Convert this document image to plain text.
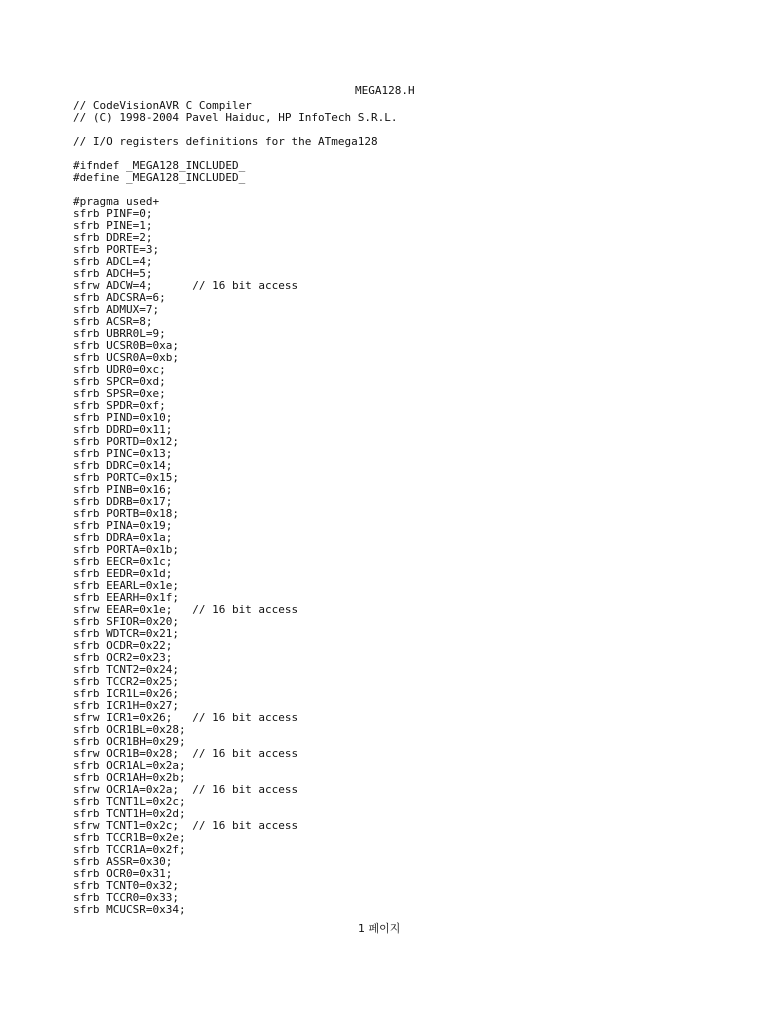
MEGA128.H
// CodeVisionAVR C Compiler
// (C) 1998-2004 Pavel Haiduc, HP InfoTech S.R.L.
// I/O registers definitions for the ATmega128
#ifndef _MEGA128_INCLUDED_
#define _MEGA128_INCLUDED_
#pragma used+
sfrb PINF=0;
sfrb PINE=1;
sfrb DDRE=2;
sfrb PORTE=3;
sfrb ADCL=4;
sfrb ADCH=5;
sfrw ADCW=4;      // 16 bit access
sfrb ADCSRA=6;
sfrb ADMUX=7;
sfrb ACSR=8;
sfrb UBRR0L=9;
sfrb UCSR0B=0xa;
sfrb UCSR0A=0xb;
sfrb UDR0=0xc;
sfrb SPCR=0xd;
sfrb SPSR=0xe;
sfrb SPDR=0xf;
sfrb PIND=0x10;
sfrb DDRD=0x11;
sfrb PORTD=0x12;
sfrb PINC=0x13;
sfrb DDRC=0x14;
sfrb PORTC=0x15;
sfrb PINB=0x16;
sfrb DDRB=0x17;
sfrb PORTB=0x18;
sfrb PINA=0x19;
sfrb DDRA=0x1a;
sfrb PORTA=0x1b;
sfrb EECR=0x1c;
sfrb EEDR=0x1d;
sfrb EEARL=0x1e;
sfrb EEARH=0x1f;
sfrw EEAR=0x1e;   // 16 bit access
sfrb SFIOR=0x20;
sfrb WDTCR=0x21;
sfrb OCDR=0x22;
sfrb OCR2=0x23;
sfrb TCNT2=0x24;
sfrb TCCR2=0x25;
sfrb ICR1L=0x26;
sfrb ICR1H=0x27;
sfrw ICR1=0x26;   // 16 bit access
sfrb OCR1BL=0x28;
sfrb OCR1BH=0x29;
sfrw OCR1B=0x28;  // 16 bit access
sfrb OCR1AL=0x2a;
sfrb OCR1AH=0x2b;
sfrw OCR1A=0x2a;  // 16 bit access
sfrb TCNT1L=0x2c;
sfrb TCNT1H=0x2d;
sfrw TCNT1=0x2c;  // 16 bit access
sfrb TCCR1B=0x2e;
sfrb TCCR1A=0x2f;
sfrb ASSR=0x30;
sfrb OCR0=0x31;
sfrb TCNT0=0x32;
sfrb TCCR0=0x33;
sfrb MCUCSR=0x34;
1 페이지
